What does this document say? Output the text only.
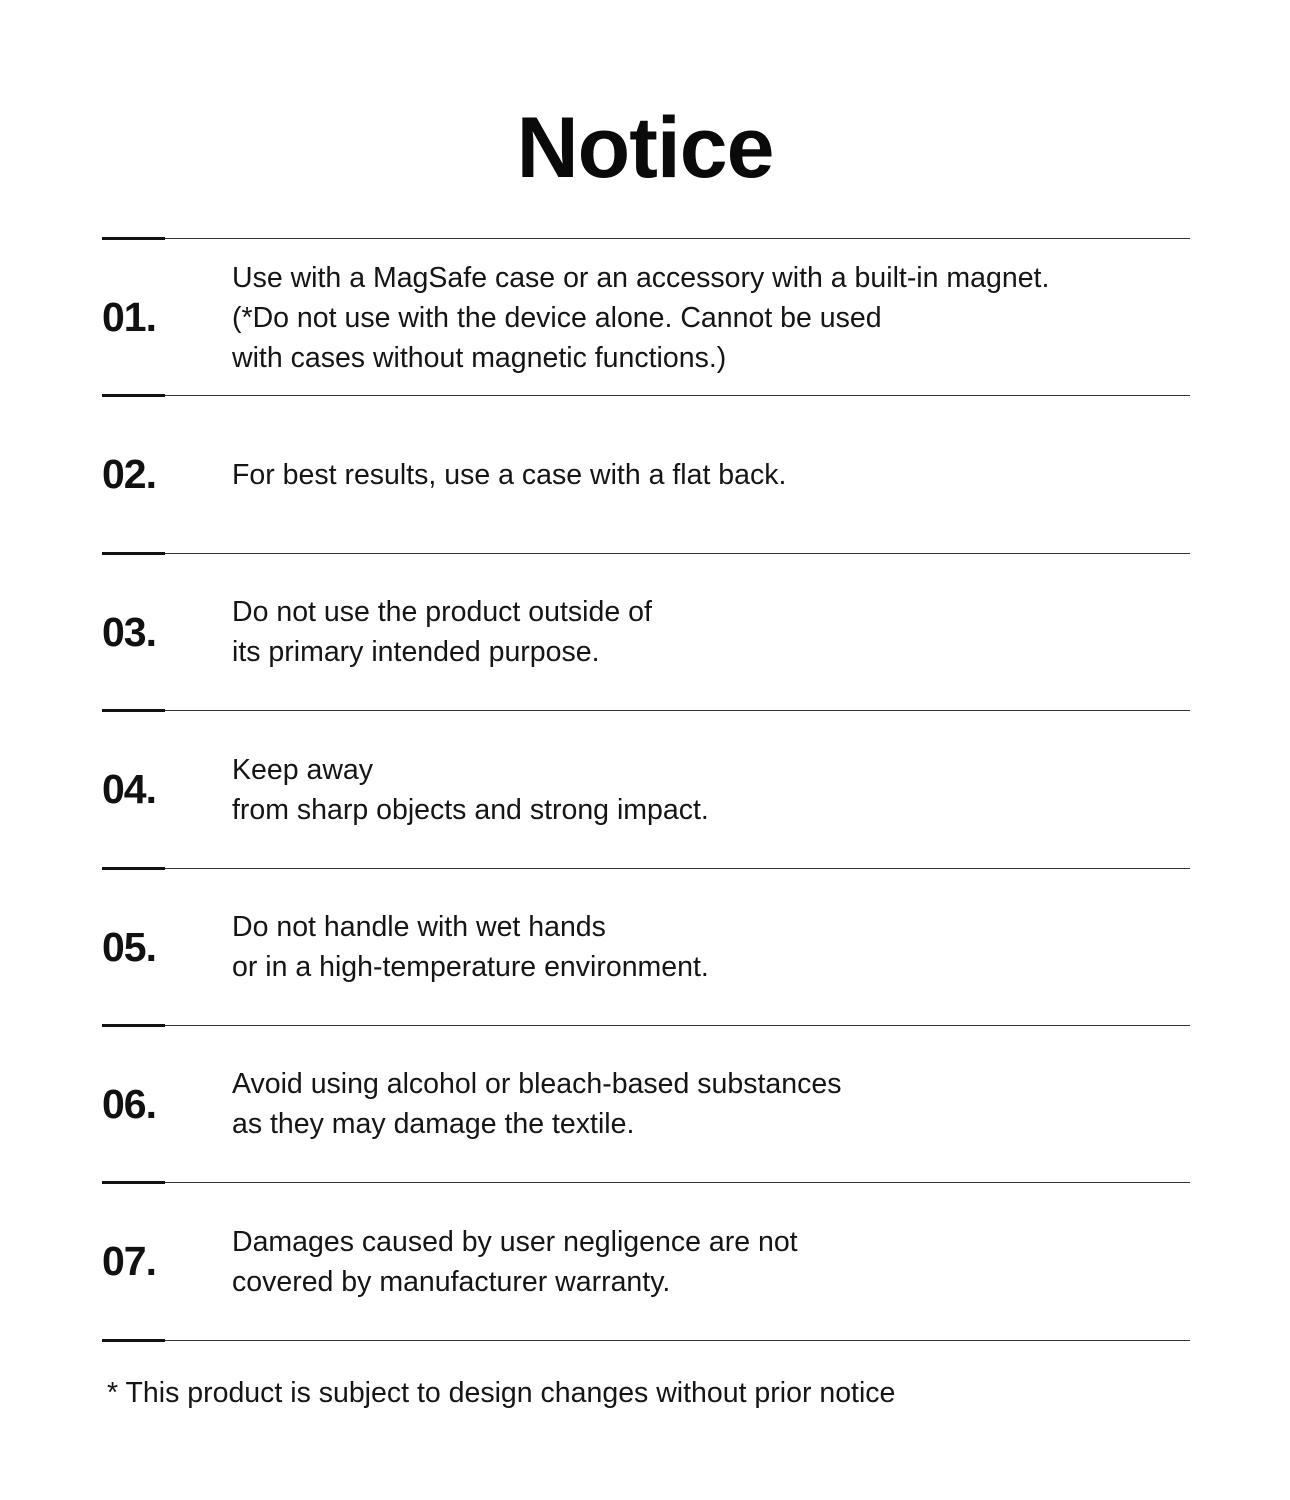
Notice
01.
Use with a MagSafe case or an accessory with a built-in magnet.
(*Do not use with the device alone. Cannot be used
with cases without magnetic functions.)
02.	For best results, use a case with a flat back.
03.	Do not use the product outside of
its primary intended purpose.
04.	Keep away
from sharp objects and strong impact.
05.	Do not handle with wet hands
or in a high-temperature environment.
06.	Avoid using alcohol or bleach-based substances
as they may damage the textile.
07.	Damages caused by user negligence are not
covered by manufacturer warranty.
* This product is subject to design changes without prior notice
